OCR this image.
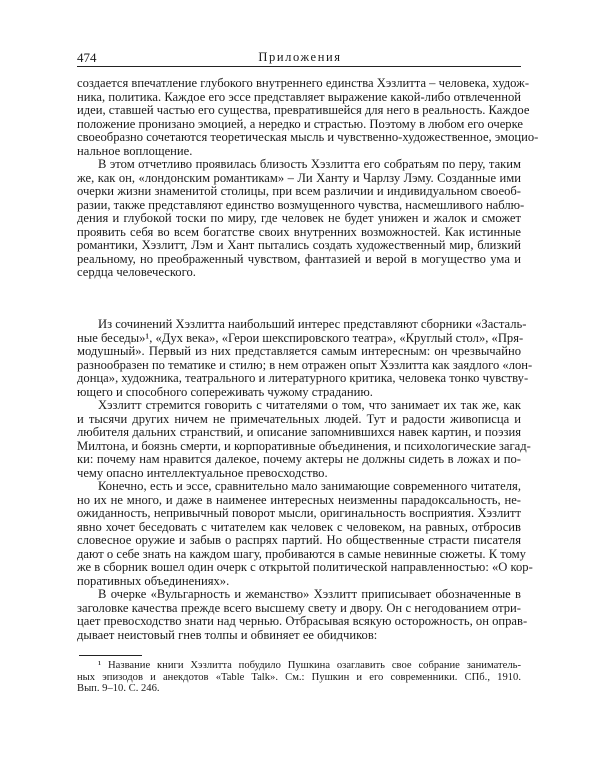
474	Приложения
создается впечатление глубокого внутреннего единства Хэзлитта – человека, худож-
ника, политика. Каждое его эссе представляет выражение какой-либо отвлеченной
идеи, ставшей частью его существа, превратившейся для него в реальность. Каждое
положение пронизано эмоцией, а нередко и страстью. Поэтому в любом его очерке
своеобразно сочетаются теоретическая мысль и чувственно-художественное, эмоцио-
нальное воплощение.
В этом отчетливо проявилась близость Хэзлитта его собратьям по перу, таким
же, как он, «лондонским романтикам» – Ли Ханту и Чарлзу Лэму. Созданные ими
очерки жизни знаменитой столицы, при всем различии и индивидуальном своеоб-
разии, также представляют единство возмущенного чувства, насмешливого наблю-
дения и глубокой тоски по миру, где человек не будет унижен и жалок и сможет
проявить себя во всем богатстве своих внутренних возможностей. Как истинные
романтики, Хэзлитт, Лэм и Хант пытались создать художественный мир, близкий
реальному, но преображенный чувством, фантазией и верой в могущество ума и
сердца человеческого.
Из сочинений Хэзлитта наибольший интерес представляют сборники «Засталь-
ные беседы»¹, «Дух века», «Герои шекспировского театра», «Круглый стол», «Пря-
модушный». Первый из них представляется самым интересным: он чрезвычайно
разнообразен по тематике и стилю; в нем отражен опыт Хэзлитта как заядлого «лон-
донца», художника, театрального и литературного критика, человека тонко чувству-
ющего и способного сопереживать чужому страданию.
Хэзлитт стремится говорить с читателями о том, что занимает их так же, как
и тысячи других ничем не примечательных людей. Тут и радости живописца и
любителя дальних странствий, и описание запомнившихся навек картин, и поэзия
Милтона, и боязнь смерти, и корпоративные объединения, и психологические загад-
ки: почему нам нравится далекое, почему актеры не должны сидеть в ложах и по-
чему опасно интеллектуальное превосходство.
Конечно, есть и эссе, сравнительно мало занимающие современного читателя,
но их не много, и даже в наименее интересных неизменны парадоксальность, не-
ожиданность, непривычный поворот мысли, оригинальность восприятия. Хэзлитт
явно хочет беседовать с читателем как человек с человеком, на равных, отбросив
словесное оружие и забыв о распрях партий. Но общественные страсти писателя
дают о себе знать на каждом шагу, пробиваются в самые невинные сюжеты. К тому
же в сборник вошел один очерк с открытой политической направленностью: «О кор-
поративных объединениях».
В очерке «Вульгарность и жеманство» Хэзлитт приписывает обозначенные в
заголовке качества прежде всего высшему свету и двору. Он с негодованием отри-
цает превосходство знати над чернью. Отбрасывая всякую осторожность, он оправ-
дывает неистовый гнев толпы и обвиняет ее обидчиков:
¹ Название книги Хэзлитта побудило Пушкина озаглавить свое собрание заниматель-
ных эпизодов и анекдотов «Table Talk». См.: Пушкин и его современники. СПб., 1910.
Вып. 9–10. С. 246.
